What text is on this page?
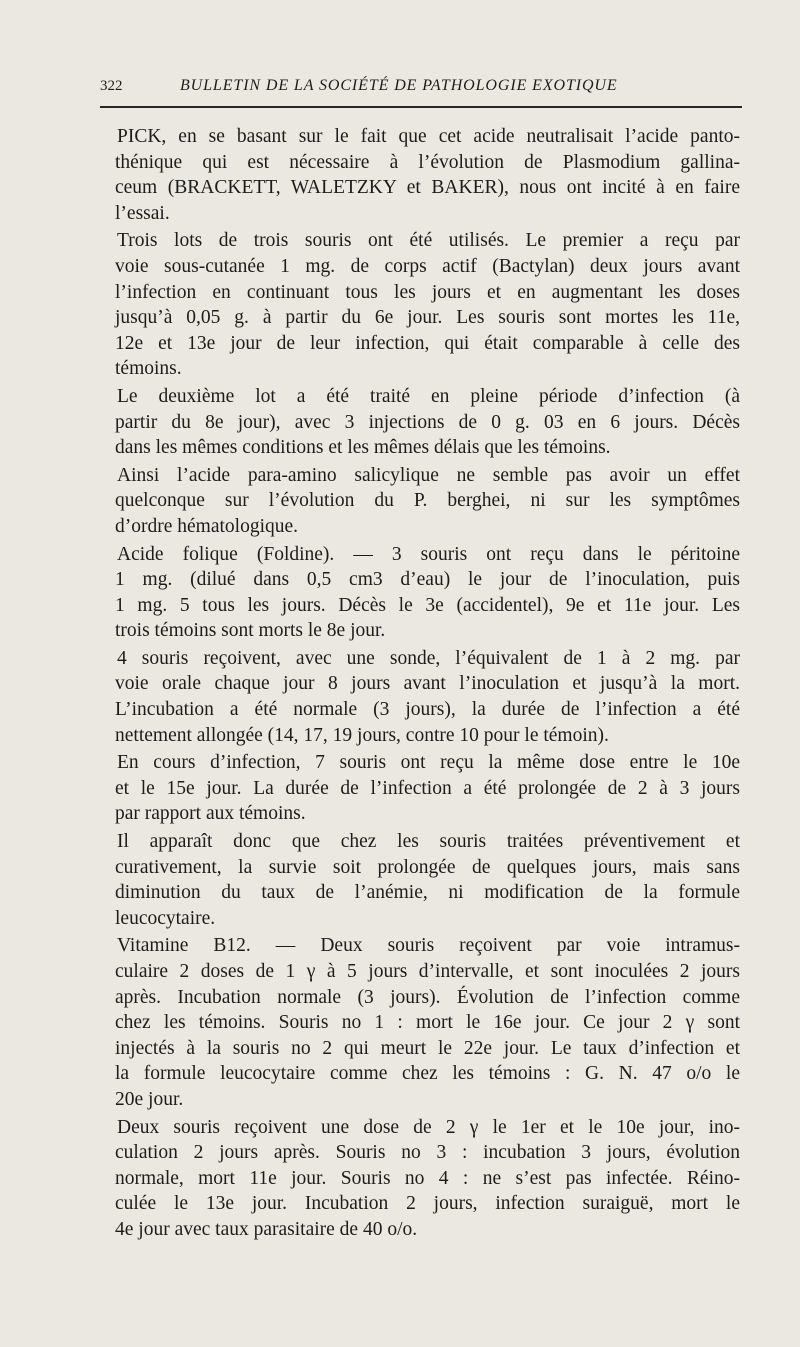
322	BULLETIN DE LA SOCIÉTÉ DE PATHOLOGIE EXOTIQUE
PICK, en se basant sur le fait que cet acide neutralisait l’acide panto-
thénique qui est nécessaire à l’évolution de Plasmodium gallina-
ceum (BRACKETT, WALETZKY et BAKER), nous ont incité à en faire
l’essai.
Trois lots de trois souris ont été utilisés. Le premier a reçu par
voie sous-cutanée 1 mg. de corps actif (Bactylan) deux jours avant
l’infection en continuant tous les jours et en augmentant les doses
jusqu’à 0,05 g. à partir du 6e jour. Les souris sont mortes les 11e,
12e et 13e jour de leur infection, qui était comparable à celle des
témoins.
Le deuxième lot a été traité en pleine période d’infection (à
partir du 8e jour), avec 3 injections de 0 g. 03 en 6 jours. Décès
dans les mêmes conditions et les mêmes délais que les témoins.
Ainsi l’acide para-amino salicylique ne semble pas avoir un effet
quelconque sur l’évolution du P. berghei, ni sur les symptômes
d’ordre hématologique.
Acide folique (Foldine). — 3 souris ont reçu dans le péritoine
1 mg. (dilué dans 0,5 cm3 d’eau) le jour de l’inoculation, puis
1 mg. 5 tous les jours. Décès le 3e (accidentel), 9e et 11e jour. Les
trois témoins sont morts le 8e jour.
4 souris reçoivent, avec une sonde, l’équivalent de 1 à 2 mg. par
voie orale chaque jour 8 jours avant l’inoculation et jusqu’à la mort.
L’incubation a été normale (3 jours), la durée de l’infection a été
nettement allongée (14, 17, 19 jours, contre 10 pour le témoin).
En cours d’infection, 7 souris ont reçu la même dose entre le 10e
et le 15e jour. La durée de l’infection a été prolongée de 2 à 3 jours
par rapport aux témoins.
Il apparaît donc que chez les souris traitées préventivement et
curativement, la survie soit prolongée de quelques jours, mais sans
diminution du taux de l’anémie, ni modification de la formule
leucocytaire.
Vitamine B12. — Deux souris reçoivent par voie intramus-
culaire 2 doses de 1 γ à 5 jours d’intervalle, et sont inoculées 2 jours
après. Incubation normale (3 jours). Évolution de l’infection comme
chez les témoins. Souris no 1 : mort le 16e jour. Ce jour 2 γ sont
injectés à la souris no 2 qui meurt le 22e jour. Le taux d’infection et
la formule leucocytaire comme chez les témoins : G. N. 47 o/o le
20e jour.
Deux souris reçoivent une dose de 2 γ le 1er et le 10e jour, ino-
culation 2 jours après. Souris no 3 : incubation 3 jours, évolution
normale, mort 11e jour. Souris no 4 : ne s’est pas infectée. Réino-
culée le 13e jour. Incubation 2 jours, infection suraiguë, mort le
4e jour avec taux parasitaire de 40 o/o.
